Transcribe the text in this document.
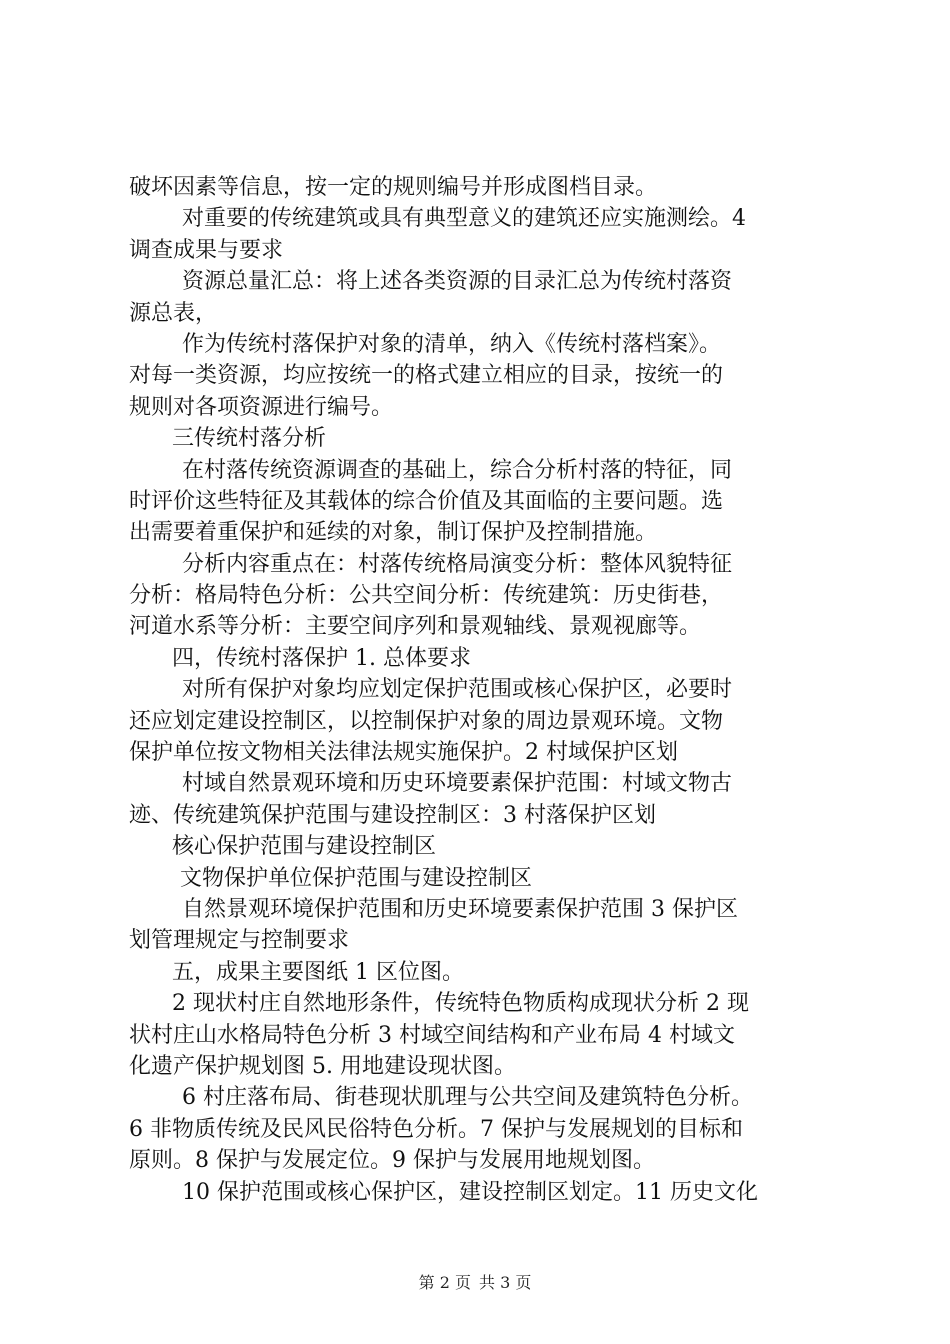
破坏因素等信息，按一定的规则编号并形成图档目录。
对重要的传统建筑或具有典型意义的建筑还应实施测绘。4
调查成果与要求
资源总量汇总：将上述各类资源的目录汇总为传统村落资
源总表，
作为传统村落保护对象的清单，纳入《传统村落档案》。
对每一类资源，均应按统一的格式建立相应的目录，按统一的
规则对各项资源进行编号。
三传统村落分析
在村落传统资源调查的基础上，综合分析村落的特征，同
时评价这些特征及其载体的综合价值及其面临的主要问题。选
出需要着重保护和延续的对象，制订保护及控制措施。
分析内容重点在：村落传统格局演变分析：整体风貌特征
分析：格局特色分析：公共空间分析：传统建筑：历史街巷，
河道水系等分析：主要空间序列和景观轴线、景观视廊等。
四，传统村落保护 1. 总体要求
对所有保护对象均应划定保护范围或核心保护区，必要时
还应划定建设控制区，以控制保护对象的周边景观环境。文物
保护单位按文物相关法律法规实施保护。2 村域保护区划
村域自然景观环境和历史环境要素保护范围：村域文物古
迹、传统建筑保护范围与建设控制区：3 村落保护区划
核心保护范围与建设控制区
文物保护单位保护范围与建设控制区
自然景观环境保护范围和历史环境要素保护范围 3 保护区
划管理规定与控制要求
五，成果主要图纸 1 区位图。
2 现状村庄自然地形条件，传统特色物质构成现状分析 2 现
状村庄山水格局特色分析 3 村域空间结构和产业布局 4 村域文
化遗产保护规划图 5. 用地建设现状图。
6 村庄落布局、街巷现状肌理与公共空间及建筑特色分析。
6 非物质传统及民风民俗特色分析。7 保护与发展规划的目标和
原则。8 保护与发展定位。9 保护与发展用地规划图。
10 保护范围或核心保护区，建设控制区划定。11 历史文化
第 2 页 共 3 页
